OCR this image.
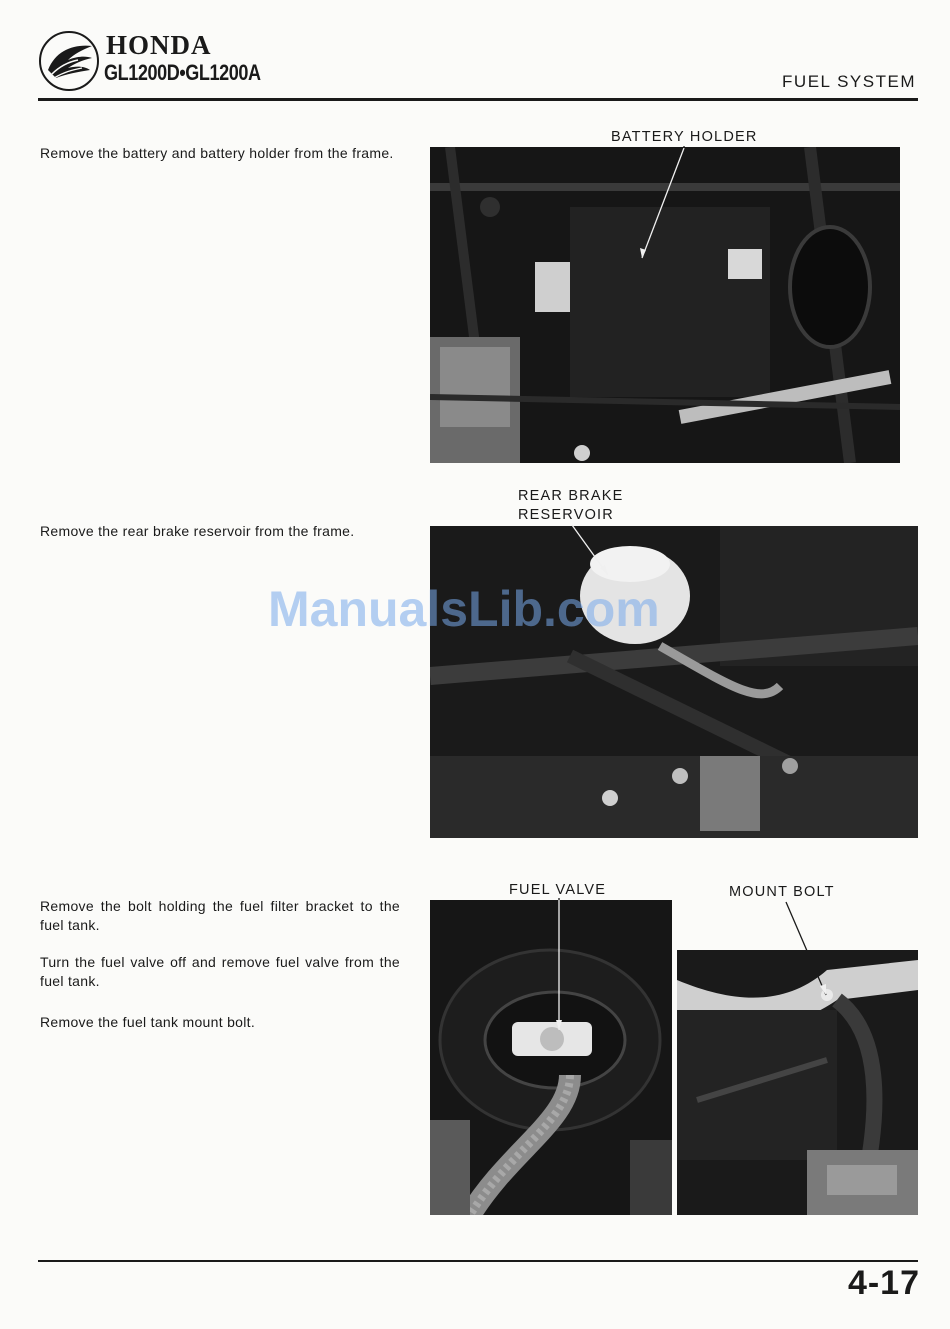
HONDA
GL1200D•GL1200A	FUEL SYSTEM
Remove the battery and battery holder from the frame.
Remove the rear brake reservoir from the frame.
Remove the bolt holding the fuel filter bracket to the fuel tank.
Turn the fuel valve off and remove fuel valve from the fuel tank.
Remove the fuel tank mount bolt.
BATTERY HOLDER
REAR BRAKE
RESERVOIR
FUEL VALVE	MOUNT BOLT
ManualsLib.com
4-17
